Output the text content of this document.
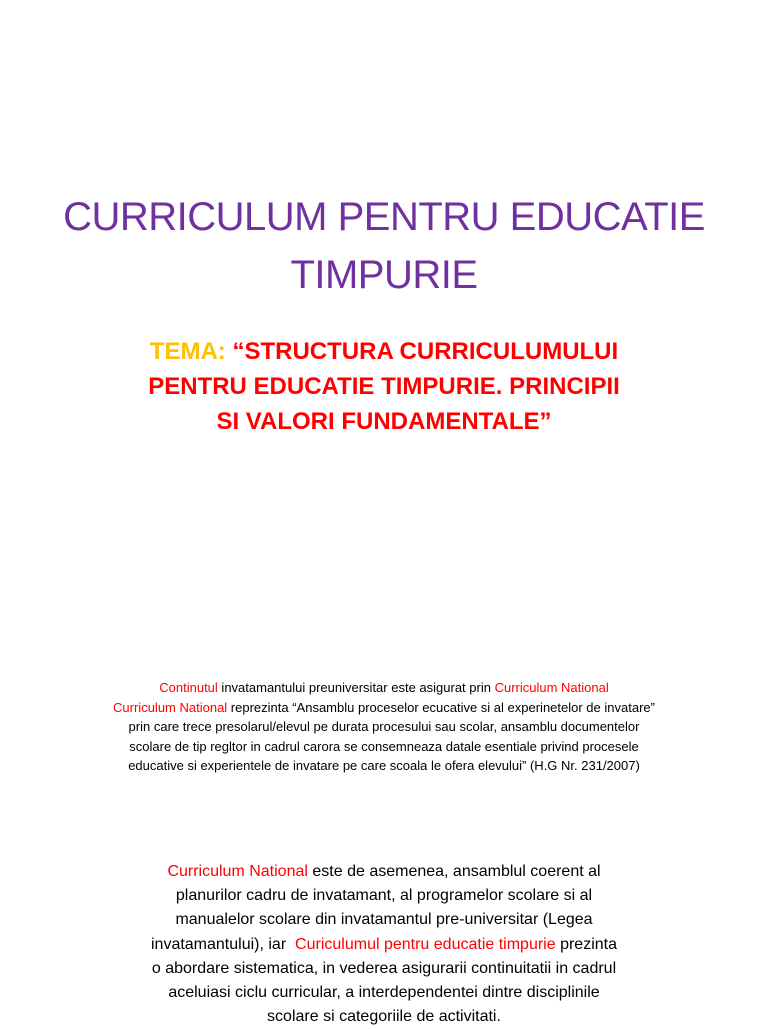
CURRICULUM PENTRU EDUCATIE
TIMPURIE
TEMA: “STRUCTURA CURRICULUMULUI
PENTRU EDUCATIE TIMPURIE. PRINCIPII
SI VALORI FUNDAMENTALE”
Continutul invatamantului preuniversitar este asigurat prin Curriculum National
Curriculum National reprezinta “Ansamblu proceselor ecucative si al experinetelor de invatare”
prin care trece presolarul/elevul pe durata procesului sau scolar, ansamblu documentelor
scolare de tip regltor in cadrul carora se consemneaza datale esentiale privind procesele
educative si experientele de invatare pe care scoala le ofera elevului” (H.G Nr. 231/2007)
Curriculum National este de asemenea, ansamblul coerent al
planurilor cadru de invatamant, al programelor scolare si al
manualelor scolare din invatamantul pre-universitar (Legea
invatamantului), iar  Curiculumul pentru educatie timpurie prezinta
o abordare sistematica, in vederea asigurarii continuitatii in cadrul
aceluiasi ciclu curricular, a interdependentei dintre disciplinile
scolare si categoriile de activitati.
